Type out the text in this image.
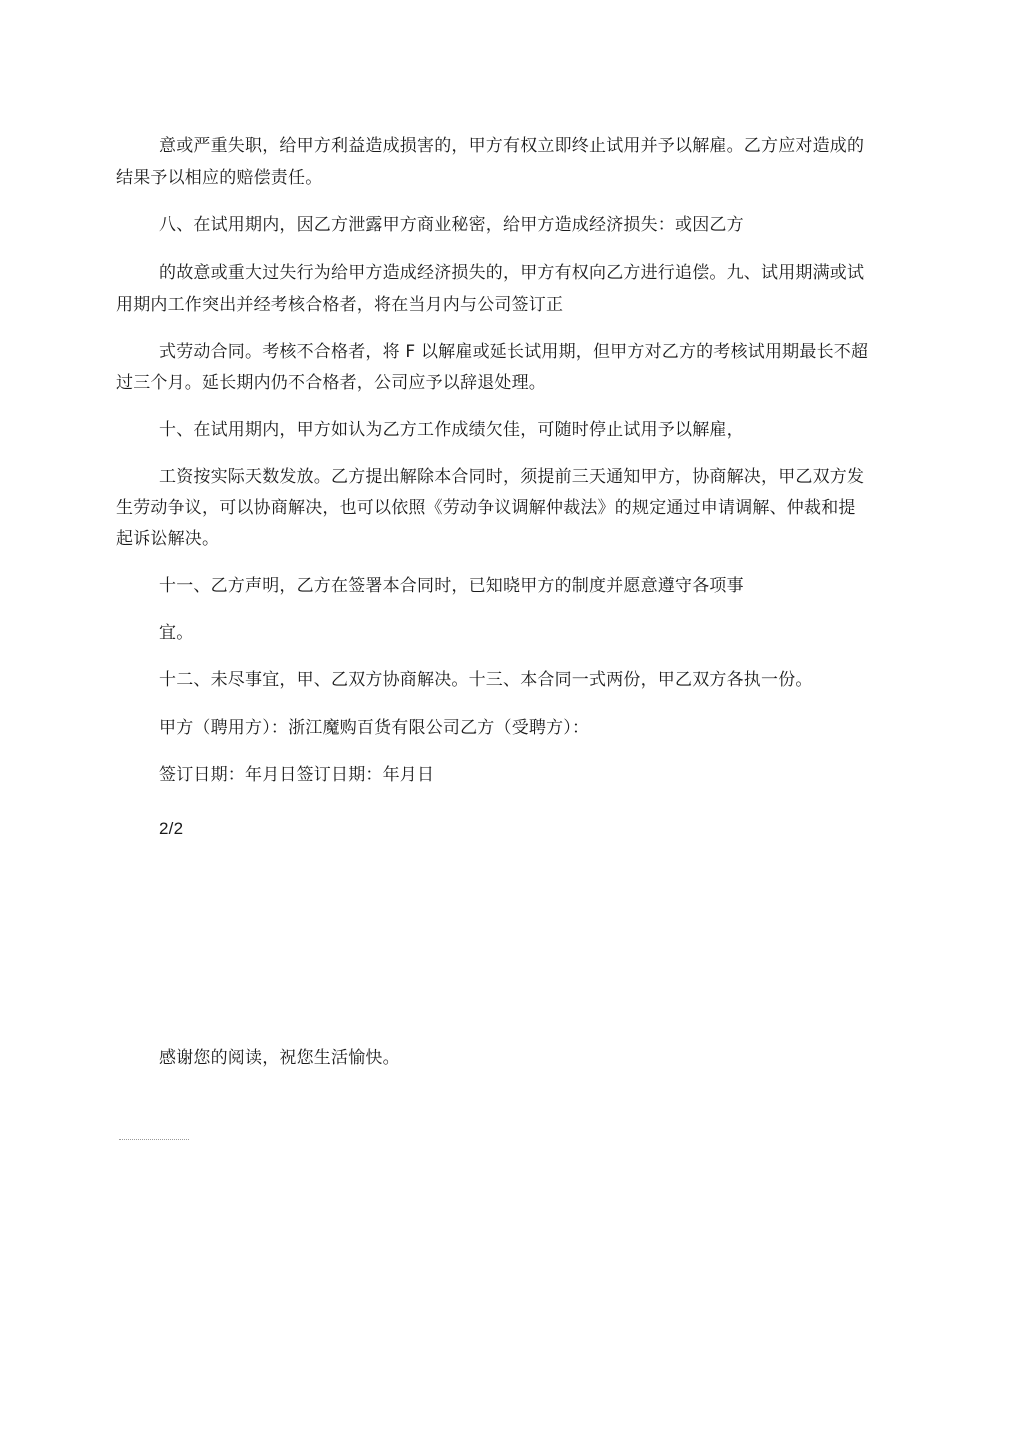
意或严重失职，给甲方利益造成损害的，甲方有权立即终止试用并予以解雇。乙方应对造成的
结果予以相应的赔偿责任。
八、在试用期内，因乙方泄露甲方商业秘密，给甲方造成经济损失：或因乙方
的故意或重大过失行为给甲方造成经济损失的，甲方有权向乙方进行追偿。九、试用期满或试
用期内工作突出并经考核合格者，将在当月内与公司签订正
式劳动合同。考核不合格者，将 F 以解雇或延长试用期，但甲方对乙方的考核试用期最长不超
过三个月。延长期内仍不合格者，公司应予以辞退处理。
十、在试用期内，甲方如认为乙方工作成绩欠佳，可随时停止试用予以解雇，
工资按实际天数发放。乙方提出解除本合同时，须提前三天通知甲方，协商解决，甲乙双方发
生劳动争议，可以协商解决，也可以依照《劳动争议调解仲裁法》的规定通过申请调解、仲裁和提
起诉讼解决。
十一、乙方声明，乙方在签署本合同时，已知晓甲方的制度并愿意遵守各项事
宜。
十二、未尽事宜，甲、乙双方协商解决。十三、本合同一式两份，甲乙双方各执一份。
甲方（聘用方）：浙江魔购百货有限公司乙方（受聘方）：
签订日期：年月日签订日期：年月日
2/2
感谢您的阅读，祝您生活愉快。
